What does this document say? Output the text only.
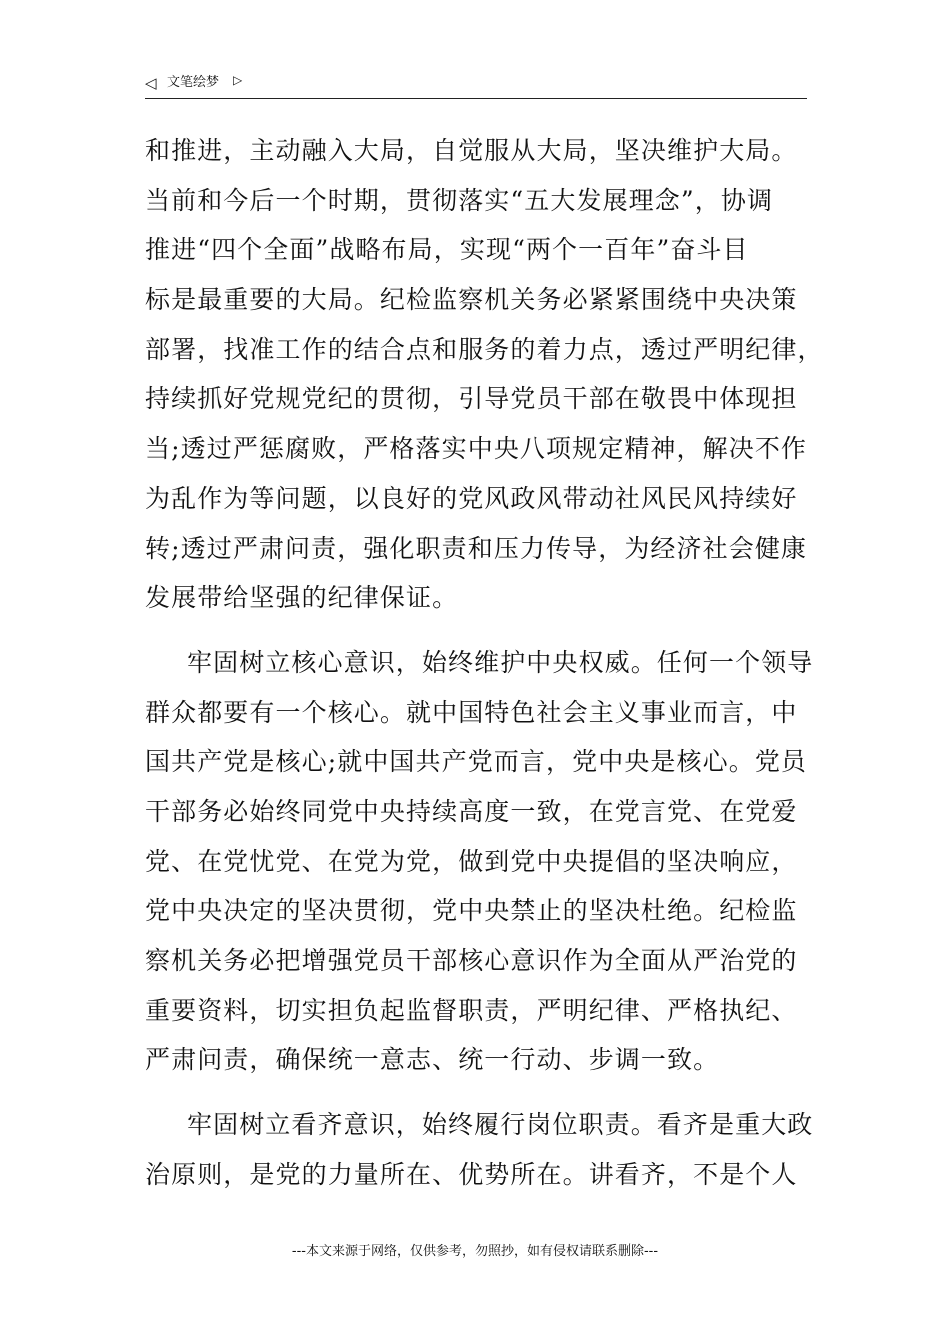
◁ 文笔绘梦 ▷
和推进，主动融入大局，自觉服从大局，坚决维护大局。
当前和今后一个时期，贯彻落实“五大发展理念”，协调
推进“四个全面”战略布局，实现“两个一百年”奋斗目
标是最重要的大局。纪检监察机关务必紧紧围绕中央决策
部署，找准工作的结合点和服务的着力点，透过严明纪律，
持续抓好党规党纪的贯彻，引导党员干部在敬畏中体现担
当;透过严惩腐败，严格落实中央八项规定精神，解决不作
为乱作为等问题，以良好的党风政风带动社风民风持续好
转;透过严肃问责，强化职责和压力传导，为经济社会健康
发展带给坚强的纪律保证。
牢固树立核心意识，始终维护中央权威。任何一个领导
群众都要有一个核心。就中国特色社会主义事业而言，中
国共产党是核心;就中国共产党而言，党中央是核心。党员
干部务必始终同党中央持续高度一致，在党言党、在党爱
党、在党忧党、在党为党，做到党中央提倡的坚决响应，
党中央决定的坚决贯彻，党中央禁止的坚决杜绝。纪检监
察机关务必把增强党员干部核心意识作为全面从严治党的
重要资料，切实担负起监督职责，严明纪律、严格执纪、
严肃问责，确保统一意志、统一行动、步调一致。
牢固树立看齐意识，始终履行岗位职责。看齐是重大政
治原则，是党的力量所在、优势所在。讲看齐，不是个人
---本文来源于网络，仅供参考，勿照抄，如有侵权请联系删除---
